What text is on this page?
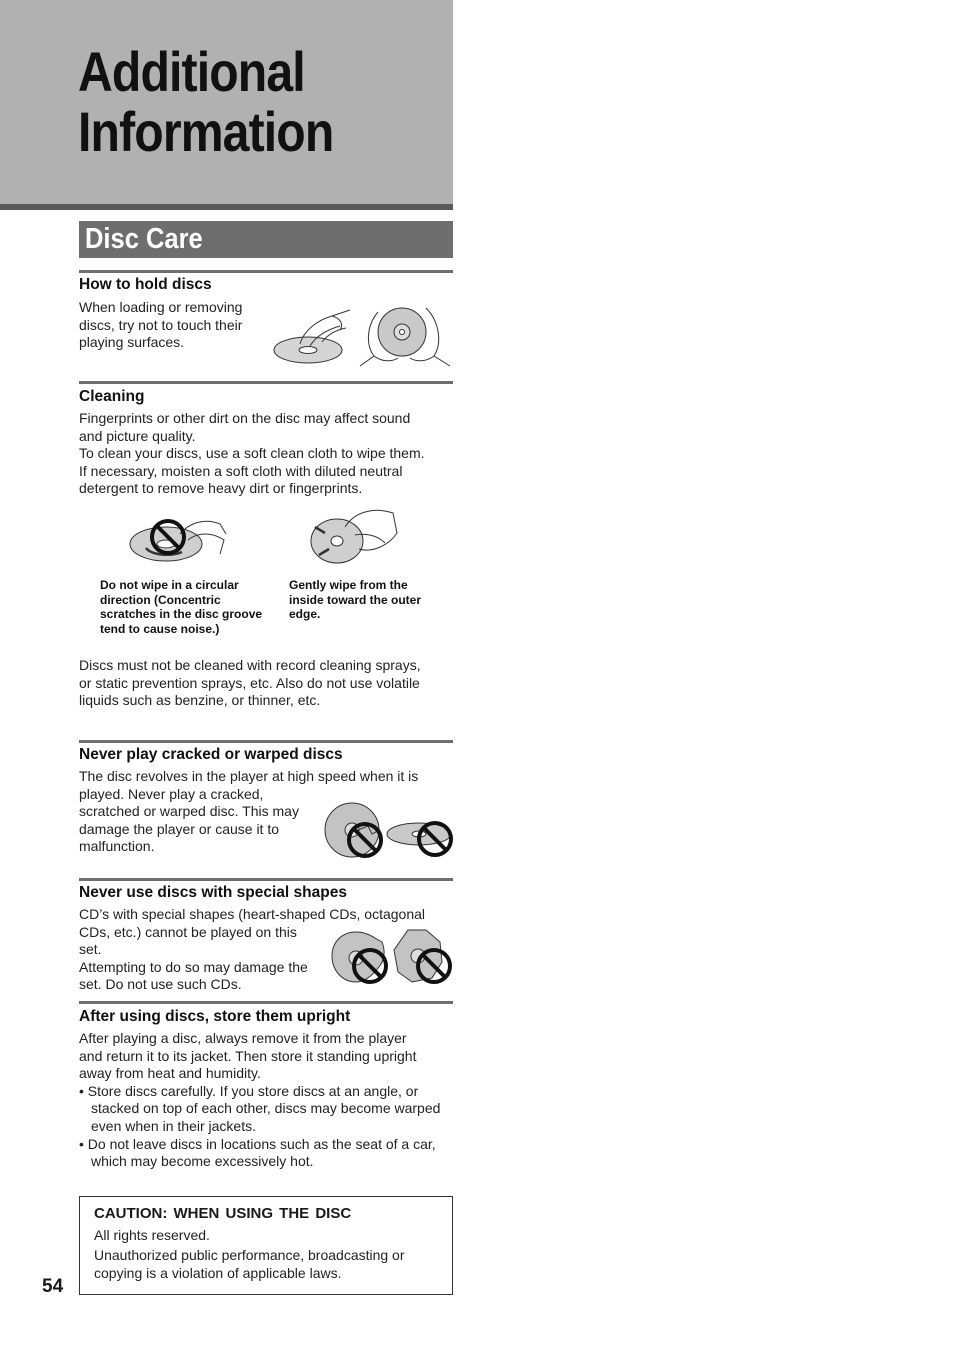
Additional
Information
Disc Care
How to hold discs

When loading or removing

discs, try not to touch their

playing surfaces.

Cleaning

Fingerprints or other dirt on the disc may affect sound

and picture quality.

To clean your discs, use a soft clean cloth to wipe them.

If necessary, moisten a soft cloth with diluted neutral

detergent to remove heavy dirt or fingerprints.

Do not wipe in a circular

direction (Concentric

scratches in the disc groove

tend to cause noise.)

Gently wipe from the

inside toward the outer

edge.

Discs must not be cleaned with record cleaning sprays,

or static prevention sprays, etc. Also do not use volatile

liquids such as benzine, or thinner, etc.

Never play cracked or warped discs

The disc revolves in the player at high speed when it is

played. Never play a cracked,

scratched or warped disc. This may

damage the player or cause it to

malfunction.

Never use discs with special shapes

CD’s with special shapes (heart-shaped CDs, octagonal

CDs, etc.) cannot be played on this

set.

Attempting to do so may damage the

set. Do not use such CDs.

After using discs, store them upright

After playing a disc, always remove it from the player

and return it to its jacket. Then store it standing upright

away from heat and humidity.

• Store discs carefully. If you store discs at an angle, or stacked on top of each other, discs may become warped even when in their jackets.

• Do not leave discs in locations such as the seat of a car, which may become excessively hot.

CAUTION: WHEN USING THE DISC

All rights reserved.

Unauthorized public performance, broadcasting or

copying is a violation of applicable laws.

54
